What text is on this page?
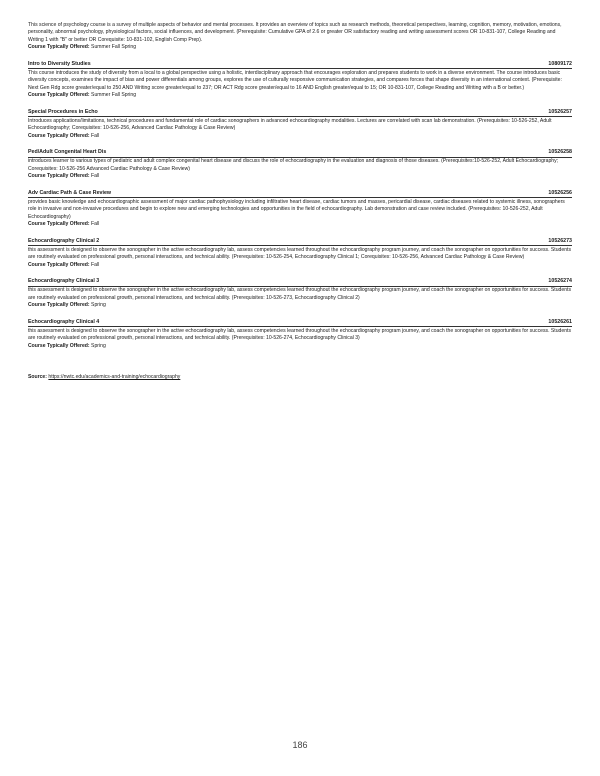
This science of psychology course is a survey of multiple aspects of behavior and mental processes. It provides an overview of topics such as research methods, theoretical perspectives, learning, cognition, memory, motivation, emotions, personality, abnormal psychology, physiological factors, social influences, and development. (Prerequisite: Cumulative GPA of 2.6 or greater OR satisfactory reading and writing assessment scores OR 10-831-107, College Reading and Writing 1 with "B" or better OR Corequisite: 10-831-102, English Comp Prep).
Course Typically Offered: Summer Fall Spring
Intro to Diversity Studies	10809172
This course introduces the study of diversity from a local to a global perspective using a holistic, interdisciplinary approach that encourages exploration and prepares students to work in a diverse environment. The course introduces basic diversity concepts, examines the impact of bias and power differentials among groups, explores the use of culturally responsive communication strategies, and compares forces that shape diversity in an international context. (Prerequisite: Next Gen Rdg score greater/equal to 250 AND Writing score greater/equal to 237; OR ACT Rdg score greater/equal to 16 AND English greater/equal to 15; OR 10-831-107, College Reading and Writing with a B or better.)
Course Typically Offered: Summer Fall Spring
Special Procedures in Echo	10526257
Introduces applications/limitations, technical procedures and fundamental role of cardiac sonographers in advanced echocardiography modalities. Lectures are correlated with scan lab demonstration. (Prerequisites: 10-526-252, Adult Echocardiography; Corequisites: 10-526-256, Advanced Cardiac Pathology & Case Review)
Course Typically Offered: Fall
Ped/Adult Congenital Heart Dis	10526258
introduces learner to various types of pediatric and adult complex congenital heart disease and discuss the role of echocardiography in the evaluation and diagnosis of those diseases. (Prerequisites:10-526-252, Adult Echocardiography; Corequisites: 10-526-256 Advanced Cardiac Pathology & Case Review)
Course Typically Offered: Fall
Adv Cardiac Path & Case Review	10526256
provides basic knowledge and echocardiographic assessment of major cardiac pathophysiology including infiltrative heart disease, cardiac tumors and masses, pericardial disease, cardiac diseases related to systemic illness, sonographers role in invasive and non-invasive procedures and begin to explore new and emerging technologies and opportunities in the field of echocardiography. Lab demonstration and case review included. (Prerequisites: 10-526-252, Adult Echocardiography)
Course Typically Offered: Fall
Echocardiography Clinical 2	10526273
this assessment is designed to observe the sonographer in the active echocardiography lab, assess competencies learned throughout the echocardiography program journey, and coach the sonographer on opportunities for success. Students are routinely evaluated on professional growth, personal interactions, and technical ability. (Prerequisites: 10-526-254, Echocardiography Clinical 1; Corequisites: 10-526-256, Advanced Cardiac Pathology & Case Review)
Course Typically Offered: Fall
Echocardiography Clinical 3	10526274
this assessment is designed to observe the sonographer in the active echocardiography lab, assess competencies learned throughout the echocardiography program journey, and coach the sonographer on opportunities for success. Students are routinely evaluated on professional growth, personal interactions, and technical ability. (Prerequisites: 10-526-273, Echocardiography Clinical 2)
Course Typically Offered: Spring
Echocardiography Clinical 4	10526261
this assessment is designed to observe the sonographer in the active echocardiography lab, assess competencies learned throughout the echocardiography program journey, and coach the sonographer on opportunities for success. Students are routinely evaluated on professional growth, personal interactions, and technical ability. (Prerequisites: 10-526-274, Echocardiography Clinical 3)
Course Typically Offered: Spring
Source: https://nwtc.edu/academics-and-training/echocardiography
186
